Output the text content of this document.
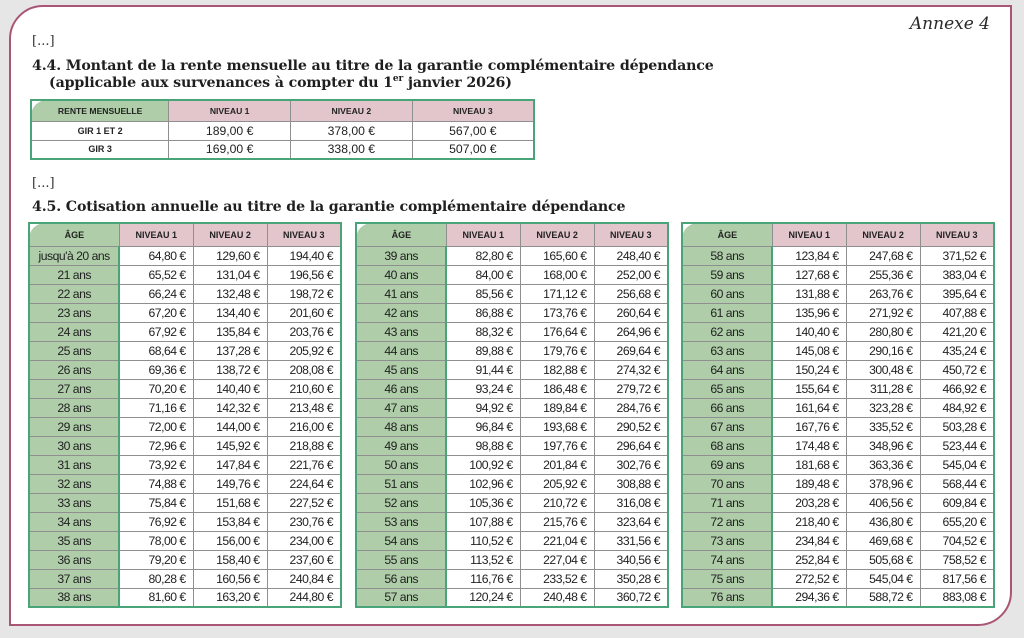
Annexe 4
[...]
4.4. Montant de la rente mensuelle au titre de la garantie complémentaire dépendance
(applicable aux survenances à compter du 1er janvier 2026)
RENTE MENSUELLE	NIVEAU 1	NIVEAU 2	NIVEAU 3
GIR 1 ET 2	189,00 €	378,00 €	567,00 €
GIR 3	169,00 €	338,00 €	507,00 €
[...]
4.5. Cotisation annuelle au titre de la garantie complémentaire dépendance
ÂGE	NIVEAU 1	NIVEAU 2	NIVEAU 3
jusqu'à 20 ans	64,80 €	129,60 €	194,40 €
21 ans	65,52 €	131,04 €	196,56 €
22 ans	66,24 €	132,48 €	198,72 €
23 ans	67,20 €	134,40 €	201,60 €
24 ans	67,92 €	135,84 €	203,76 €
25 ans	68,64 €	137,28 €	205,92 €
26 ans	69,36 €	138,72 €	208,08 €
27 ans	70,20 €	140,40 €	210,60 €
28 ans	71,16 €	142,32 €	213,48 €
29 ans	72,00 €	144,00 €	216,00 €
30 ans	72,96 €	145,92 €	218,88 €
31 ans	73,92 €	147,84 €	221,76 €
32 ans	74,88 €	149,76 €	224,64 €
33 ans	75,84 €	151,68 €	227,52 €
34 ans	76,92 €	153,84 €	230,76 €
35 ans	78,00 €	156,00 €	234,00 €
36 ans	79,20 €	158,40 €	237,60 €
37 ans	80,28 €	160,56 €	240,84 €
38 ans	81,60 €	163,20 €	244,80 €
ÂGE	NIVEAU 1	NIVEAU 2	NIVEAU 3
39 ans	82,80 €	165,60 €	248,40 €
40 ans	84,00 €	168,00 €	252,00 €
41 ans	85,56 €	171,12 €	256,68 €
42 ans	86,88 €	173,76 €	260,64 €
43 ans	88,32 €	176,64 €	264,96 €
44 ans	89,88 €	179,76 €	269,64 €
45 ans	91,44 €	182,88 €	274,32 €
46 ans	93,24 €	186,48 €	279,72 €
47 ans	94,92 €	189,84 €	284,76 €
48 ans	96,84 €	193,68 €	290,52 €
49 ans	98,88 €	197,76 €	296,64 €
50 ans	100,92 €	201,84 €	302,76 €
51 ans	102,96 €	205,92 €	308,88 €
52 ans	105,36 €	210,72 €	316,08 €
53 ans	107,88 €	215,76 €	323,64 €
54 ans	110,52 €	221,04 €	331,56 €
55 ans	113,52 €	227,04 €	340,56 €
56 ans	116,76 €	233,52 €	350,28 €
57 ans	120,24 €	240,48 €	360,72 €
ÂGE	NIVEAU 1	NIVEAU 2	NIVEAU 3
58 ans	123,84 €	247,68 €	371,52 €
59 ans	127,68 €	255,36 €	383,04 €
60 ans	131,88 €	263,76 €	395,64 €
61 ans	135,96 €	271,92 €	407,88 €
62 ans	140,40 €	280,80 €	421,20 €
63 ans	145,08 €	290,16 €	435,24 €
64 ans	150,24 €	300,48 €	450,72 €
65 ans	155,64 €	311,28 €	466,92 €
66 ans	161,64 €	323,28 €	484,92 €
67 ans	167,76 €	335,52 €	503,28 €
68 ans	174,48 €	348,96 €	523,44 €
69 ans	181,68 €	363,36 €	545,04 €
70 ans	189,48 €	378,96 €	568,44 €
71 ans	203,28 €	406,56 €	609,84 €
72 ans	218,40 €	436,80 €	655,20 €
73 ans	234,84 €	469,68 €	704,52 €
74 ans	252,84 €	505,68 €	758,52 €
75 ans	272,52 €	545,04 €	817,56 €
76 ans	294,36 €	588,72 €	883,08 €
